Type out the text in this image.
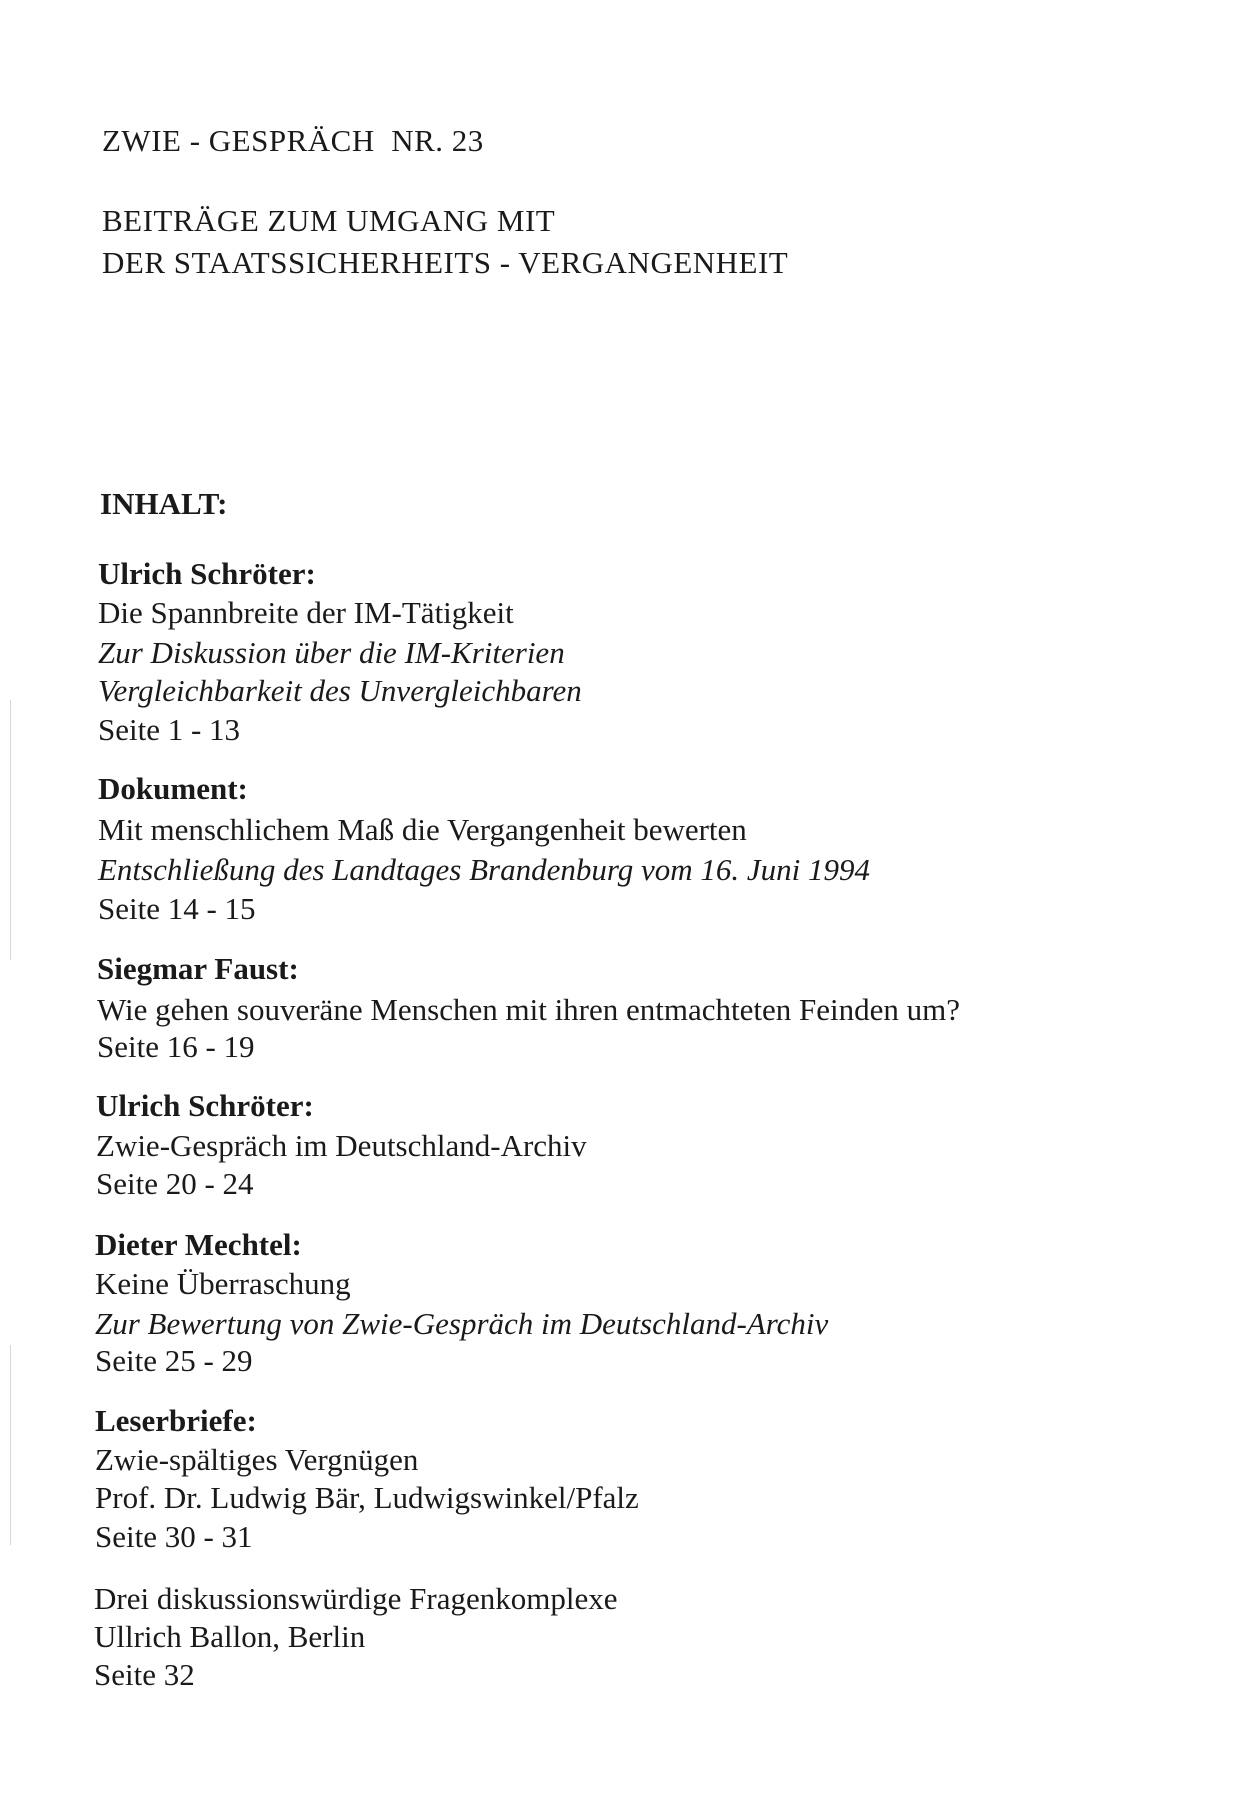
ZWIE - GESPRÄCH  NR. 23
BEITRÄGE ZUM UMGANG MIT
DER STAATSSICHERHEITS - VERGANGENHEIT
INHALT:
Ulrich Schröter:
Die Spannbreite der IM-Tätigkeit
Zur Diskussion über die IM-Kriterien
Vergleichbarkeit des Unvergleichbaren
Seite 1 - 13
Dokument:
Mit menschlichem Maß die Vergangenheit bewerten
Entschließung des Landtages Brandenburg vom 16. Juni 1994
Seite 14 - 15
Siegmar Faust:
Wie gehen souveräne Menschen mit ihren entmachteten Feinden um?
Seite 16 - 19
Ulrich Schröter:
Zwie-Gespräch im Deutschland-Archiv
Seite 20 - 24
Dieter Mechtel:
Keine Überraschung
Zur Bewertung von Zwie-Gespräch im Deutschland-Archiv
Seite 25 - 29
Leserbriefe:
Zwie-spältiges Vergnügen
Prof. Dr. Ludwig Bär, Ludwigswinkel/Pfalz
Seite 30 - 31
Drei diskussionswürdige Fragenkomplexe
Ullrich Ballon, Berlin
Seite 32
